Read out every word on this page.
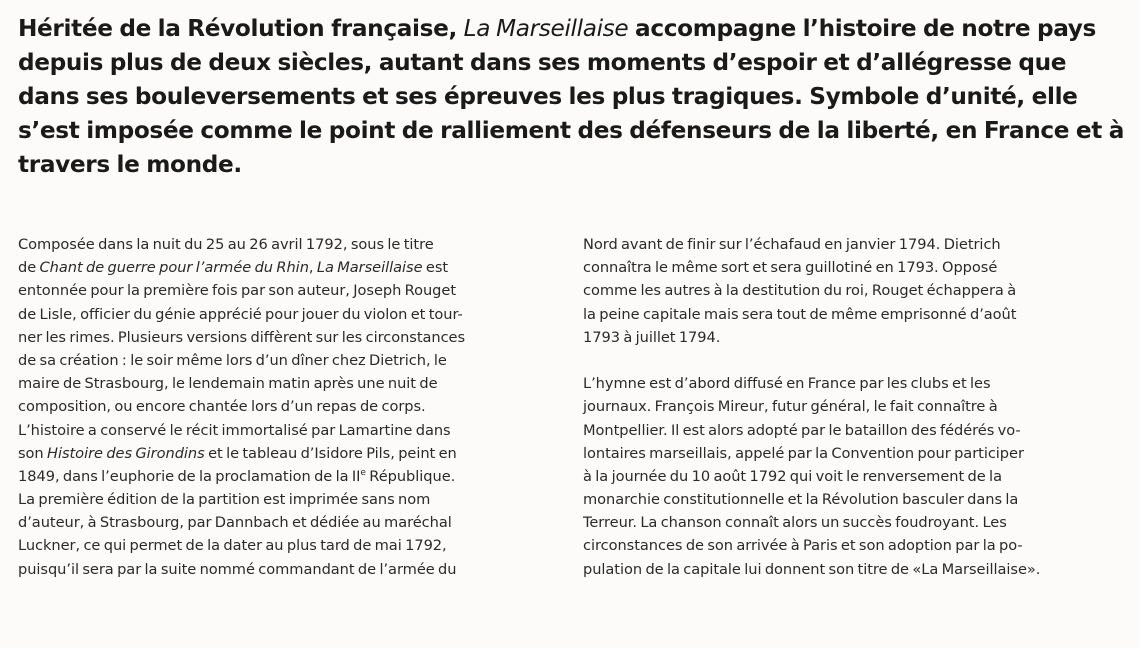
Héritée de la Révolution française, La Marseillaise accompagne l’histoire de notre pays depuis plus de deux siècles, autant dans ses moments d’espoir et d’allégresse que dans ses bouleversements et ses épreuves les plus tragiques. Symbole d’unité, elle s’est imposée comme le point de ralliement des défenseurs de la liberté, en France et à travers le monde.

Composée dans la nuit du 25 au 26 avril 1792, sous le titre
de Chant de guerre pour l’armée du Rhin, La Marseillaise est
entonnée pour la première fois par son auteur, Joseph Rouget
de Lisle, officier du génie apprécié pour jouer du violon et tour-
ner les rimes. Plusieurs versions diffèrent sur les circonstances
de sa création : le soir même lors d’un dîner chez Dietrich, le
maire de Strasbourg, le lendemain matin après une nuit de
composition, ou encore chantée lors d’un repas de corps.
L’histoire a conservé le récit immortalisé par Lamartine dans
son Histoire des Girondins et le tableau d’Isidore Pils, peint en
1849, dans l’euphorie de la proclamation de la IIe République.
La première édition de la partition est imprimée sans nom
d’auteur, à Strasbourg, par Dannbach et dédiée au maréchal
Luckner, ce qui permet de la dater au plus tard de mai 1792,
puisqu’il sera par la suite nommé commandant de l’armée du
Nord avant de finir sur l’échafaud en janvier 1794. Dietrich
connaîtra le même sort et sera guillotiné en 1793. Opposé
comme les autres à la destitution du roi, Rouget échappera à
la peine capitale mais sera tout de même emprisonné d’août
1793 à juillet 1794.
L’hymne est d’abord diffusé en France par les clubs et les
journaux. François Mireur, futur général, le fait connaître à
Montpellier. Il est alors adopté par le bataillon des fédérés vo-
lontaires marseillais, appelé par la Convention pour participer
à la journée du 10 août 1792 qui voit le renversement de la
monarchie constitutionnelle et la Révolution basculer dans la
Terreur. La chanson connaît alors un succès foudroyant. Les
circonstances de son arrivée à Paris et son adoption par la po-
pulation de la capitale lui donnent son titre de «La Marseillaise».
